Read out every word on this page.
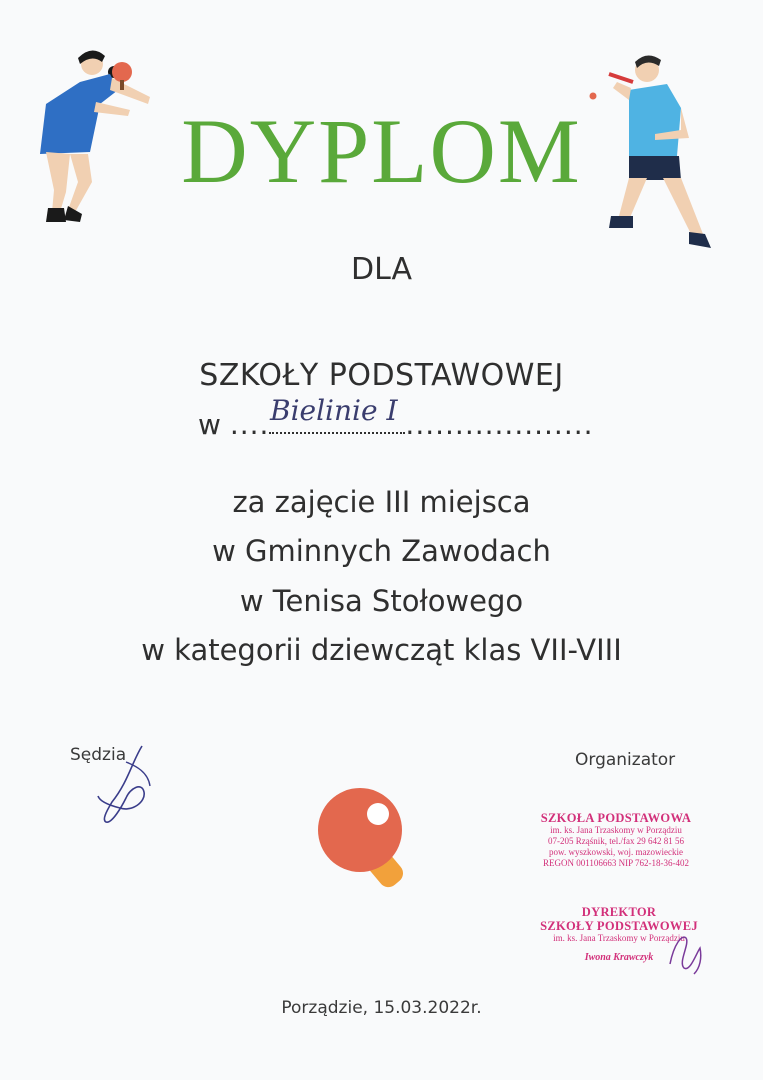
DYPLOM
DLA
SZKOŁY PODSTAWOWEJ
w ....	...................
Bielinie I
za zajęcie III miejsca
w Gminnych Zawodach
w Tenisa Stołowego
w kategorii dziewcząt klas VII-VIII
Sędzia	Organizator
SZKOŁA PODSTAWOWA
im. ks. Jana Trzaskomy w Porządziu
07-205 Rząśnik, tel./fax 29 642 81 56
pow. wyszkowski, woj. mazowieckie
REGON 001106663 NIP 762-18-36-402
DYREKTOR
SZKOŁY PODSTAWOWEJ
im. ks. Jana Trzaskomy w Porządziu
Iwona Krawczyk
Porządzie, 15.03.2022r.
